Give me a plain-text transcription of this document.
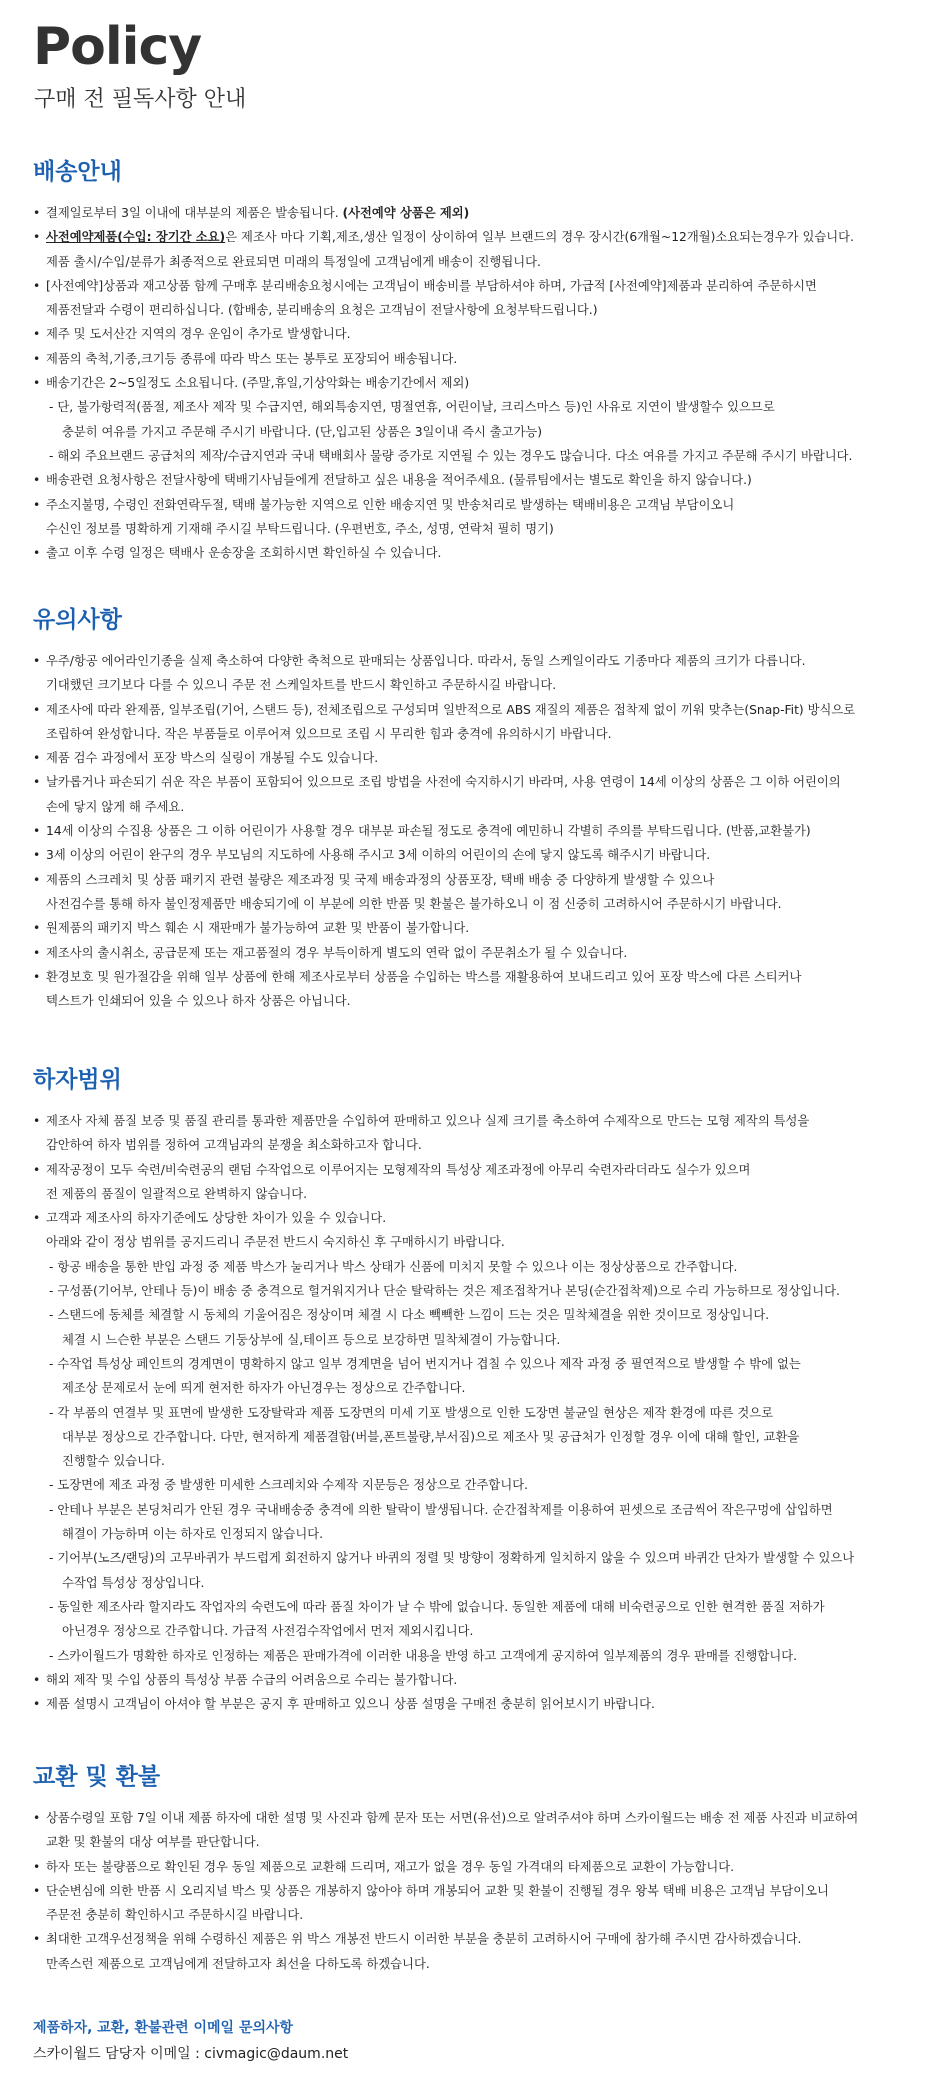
Policy
구매 전 필독사항 안내
배송안내
• 결제일로부터 3일 이내에 대부분의 제품은 발송됩니다. (사전예약 상품은 제외)
• 사전예약제품(수입: 장기간 소요)은 제조사 마다 기획,제조,생산 일정이 상이하여 일부 브랜드의 경우 장시간(6개월~12개월)소요되는경우가 있습니다.
제품 출시/수입/분류가 최종적으로 완료되면 미래의 특정일에 고객님에게 배송이 진행됩니다.
• [사전예약]상품과 재고상품 함께 구매후 분리배송요청시에는 고객님이 배송비를 부담하셔야 하며, 가급적 [사전예약]제품과 분리하여 주문하시면
제품전달과 수령이 편리하십니다. (합배송, 분리배송의 요청은 고객님이 전달사항에 요청부탁드립니다.)
• 제주 및 도서산간 지역의 경우 운임이 추가로 발생합니다.
• 제품의 축척,기종,크기등 종류에 따라 박스 또는 봉투로 포장되어 배송됩니다.
• 배송기간은 2~5일정도 소요됩니다. (주말,휴일,기상악화는 배송기간에서 제외)
- 단, 불가항력적(품절, 제조사 제작 및 수급지연, 해외특송지연, 명절연휴, 어린이날, 크리스마스 등)인 사유로 지연이 발생할수 있으므로
충분히 여유를 가지고 주문해 주시기 바랍니다. (단,입고된 상품은 3일이내 즉시 출고가능)
- 해외 주요브랜드 공급처의 제작/수급지연과 국내 택배회사 물량 증가로 지연될 수 있는 경우도 많습니다. 다소 여유를 가지고 주문해 주시기 바랍니다.
• 배송관련 요청사항은 전달사항에 택배기사님들에게 전달하고 싶은 내용을 적어주세요. (물류팀에서는 별도로 확인을 하지 않습니다.)
• 주소지불명, 수령인 전화연락두절, 택배 불가능한 지역으로 인한 배송지연 및 반송처리로 발생하는 택배비용은 고객님 부담이오니
수신인 정보를 명확하게 기재해 주시길 부탁드립니다. (우편번호, 주소, 성명, 연락처 필히 명기)
• 출고 이후 수령 일정은 택배사 운송장을 조회하시면 확인하실 수 있습니다.
유의사항
• 우주/항공 에어라인기종을 실제 축소하여 다양한 축척으로 판매되는 상품입니다. 따라서, 동일 스케일이라도 기종마다 제품의 크기가 다릅니다.
기대했던 크기보다 다를 수 있으니 주문 전 스케일차트를 반드시 확인하고 주문하시길 바랍니다.
• 제조사에 따라 완제품, 일부조립(기어, 스탠드 등), 전체조립으로 구성되며 일반적으로 ABS 재질의 제품은 접착제 없이 끼워 맞추는(Snap-Fit) 방식으로
조립하여 완성합니다. 작은 부품들로 이루어져 있으므로 조립 시 무리한 힘과 충격에 유의하시기 바랍니다.
• 제품 검수 과정에서 포장 박스의 실링이 개봉될 수도 있습니다.
• 날카롭거나 파손되기 쉬운 작은 부품이 포함되어 있으므로 조립 방법을 사전에 숙지하시기 바라며, 사용 연령이 14세 이상의 상품은 그 이하 어린이의
손에 닿지 않게 해 주세요.
• 14세 이상의 수집용 상품은 그 이하 어린이가 사용할 경우 대부분 파손될 정도로 충격에 예민하니 각별히 주의를 부탁드립니다. (반품,교환불가)
• 3세 이상의 어린이 완구의 경우 부모님의 지도하에 사용해 주시고 3세 이하의 어린이의 손에 닿지 않도록 해주시기 바랍니다.
• 제품의 스크레치 및 상품 패키지 관련 불량은 제조과정 및 국제 배송과정의 상품포장, 택배 배송 중 다양하게 발생할 수 있으나
사전검수를 통해 하자 불인정제품만 배송되기에 이 부분에 의한 반품 및 환불은 불가하오니 이 점 신중히 고려하시어 주문하시기 바랍니다.
• 원제품의 패키지 박스 훼손 시 재판매가 불가능하여 교환 및 반품이 불가합니다.
• 제조사의 출시취소, 공급문제 또는 재고품절의 경우 부득이하게 별도의 연락 없이 주문취소가 될 수 있습니다.
• 환경보호 및 원가절감을 위해 일부 상품에 한해 제조사로부터 상품을 수입하는 박스를 재활용하여 보내드리고 있어 포장 박스에 다른 스티커나
텍스트가 인쇄되어 있을 수 있으나 하자 상품은 아닙니다.
하자범위
• 제조사 자체 품질 보증 및 품질 관리를 통과한 제품만을 수입하여 판매하고 있으나 실제 크기를 축소하여 수제작으로 만드는 모형 제작의 특성을
감안하여 하자 범위를 정하여 고객님과의 분쟁을 최소화하고자 합니다.
• 제작공정이 모두 숙련/비숙련공의 랜덤 수작업으로 이루어지는 모형제작의 특성상 제조과정에 아무리 숙련자라더라도 실수가 있으며
전 제품의 품질이 일괄적으로 완벽하지 않습니다.
• 고객과 제조사의 하자기준에도 상당한 차이가 있을 수 있습니다.
아래와 같이 정상 범위를 공지드리니 주문전 반드시 숙지하신 후 구매하시기 바랍니다.
- 항공 배송을 통한 반입 과정 중 제품 박스가 눌리거나 박스 상태가 신품에 미치지 못할 수 있으나 이는 정상상품으로 간주합니다.
- 구성품(기어부, 안테나 등)이 배송 중 충격으로 헐거워지거나 단순 탈락하는 것은 제조접착거나 본딩(순간접착제)으로 수리 가능하므로 정상입니다.
- 스탠드에 동체를 체결할 시 동체의 기울어짐은 정상이며 체결 시 다소 빽빽한 느낌이 드는 것은 밀착체결을 위한 것이므로 정상입니다.
체결 시 느슨한 부분은 스탠드 기둥상부에 실,테이프 등으로 보강하면 밀착체결이 가능합니다.
- 수작업 특성상 페인트의 경계면이 명확하지 않고 일부 경계면을 넘어 번지거나 겹칠 수 있으나 제작 과정 중 필연적으로 발생할 수 밖에 없는
제조상 문제로서 눈에 띄게 현저한 하자가 아닌경우는 정상으로 간주합니다.
- 각 부품의 연결부 및 표면에 발생한 도장탈락과 제품 도장면의 미세 기포 발생으로 인한 도장면 불균일 현상은 제작 환경에 따른 것으로
대부분 정상으로 간주합니다. 다만, 현저하게 제품결함(버블,폰트불량,부서짐)으로 제조사 및 공급처가 인정할 경우 이에 대해 할인, 교환을
진행할수 있습니다.
- 도장면에 제조 과정 중 발생한 미세한 스크레치와 수제작 지문등은 정상으로 간주합니다.
- 안테나 부분은 본딩처리가 안된 경우 국내배송중 충격에 의한 탈락이 발생됩니다. 순간접착제를 이용하여 핀셋으로 조금씩어 작은구멍에 삽입하면
해결이 가능하며 이는 하자로 인정되지 않습니다.
- 기어부(노즈/랜딩)의 고무바퀴가 부드럽게 회전하지 않거나 바퀴의 정렬 및 방향이 정확하게 일치하지 않을 수 있으며 바퀴간 단차가 발생할 수 있으나
수작업 특성상 정상입니다.
- 동일한 제조사라 할지라도 작업자의 숙련도에 따라 품질 차이가 날 수 밖에 없습니다. 동일한 제품에 대해 비숙련공으로 인한 현격한 품질 저하가
아닌경우 정상으로 간주합니다. 가급적 사전검수작업에서 먼저 제외시킵니다.
- 스카이월드가 명확한 하자로 인정하는 제품은 판매가격에 이러한 내용을 반영 하고 고객에게 공지하여 일부제품의 경우 판매를 진행합니다.
• 해외 제작 및 수입 상품의 특성상 부품 수급의 어려움으로 수리는 불가합니다.
• 제품 설명시 고객님이 아셔야 할 부분은 공지 후 판매하고 있으니 상품 설명을 구매전 충분히 읽어보시기 바랍니다.
교환 및 환불
• 상품수령일 포함 7일 이내 제품 하자에 대한 설명 및 사진과 함께 문자 또는 서면(유선)으로 알려주셔야 하며 스카이월드는 배송 전 제품 사진과 비교하여
교환 및 환불의 대상 여부를 판단합니다.
• 하자 또는 불량품으로 확인된 경우 동일 제품으로 교환해 드리며, 재고가 없을 경우 동일 가격대의 타제품으로 교환이 가능합니다.
• 단순변심에 의한 반품 시 오리지널 박스 및 상품은 개봉하지 않아야 하며 개봉되어 교환 및 환불이 진행될 경우 왕복 택배 비용은 고객님 부담이오니
주문전 충분히 확인하시고 주문하시길 바랍니다.
• 최대한 고객우선정책을 위해 수령하신 제품은 위 박스 개봉전 반드시 이러한 부분을 충분히 고려하시어 구매에 참가해 주시면 감사하겠습니다.
만족스런 제품으로 고객님에게 전달하고자 최선을 다하도록 하겠습니다.
제품하자, 교환, 환불관련 이메일 문의사항
스카이월드 담당자 이메일 : civmagic@daum.net
